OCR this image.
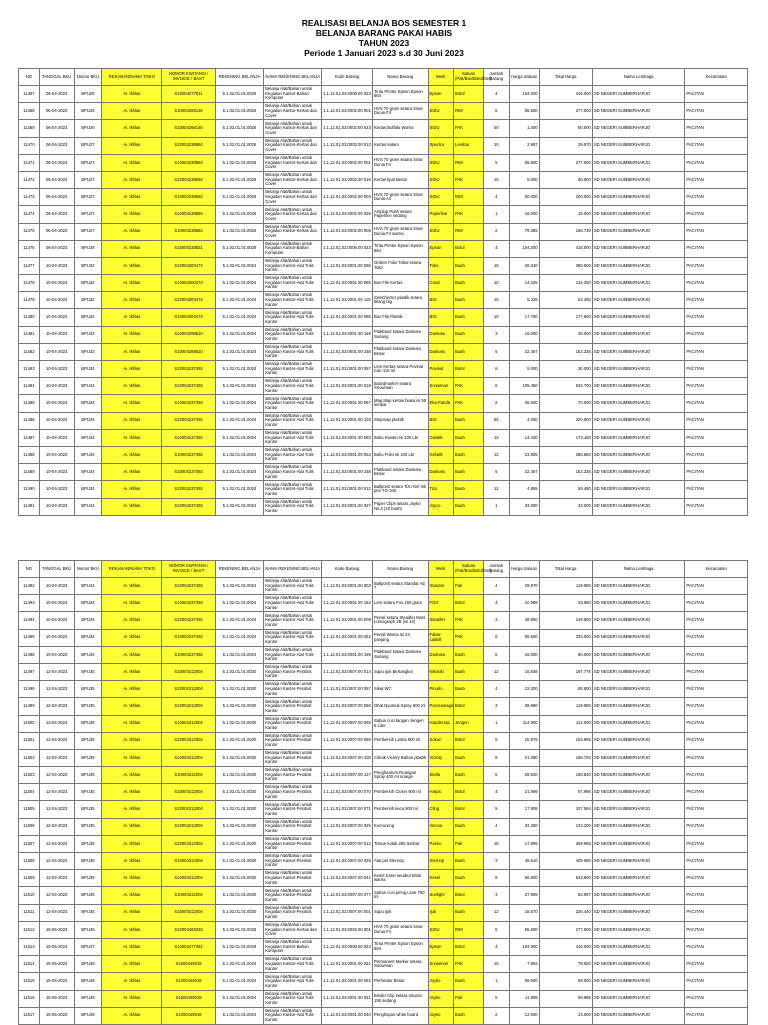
REALISASI BELANJA BOS SEMESTER 1
BELANJA BARANG PAKAI HABIS
TAHUN 2023
Periode 1 Januari 2023 s.d 30 Juni 2023
NO	TANGGAL BKU	Nomor BKU	REKANAN/NAMA TOKO	NOMOR KWITANSI / INVOICE / BAST	REKENING BELANJA	NAMA REKENING BELANJA	Kode Barang	Nama Barang	Merk	Satuan (Pak/Box/Botol/Set)	Jumlah Barang	Harga Satuan	Total Harga	Nama Lembaga	Kecamatan
11467	06-04-2023	BPU25	Ai. Ikhlas	S10004277811	5.1.02.01.01.0029	Belanja Alat/Bahan untuk Kegiatan Kantor-Bahan Komputer	1.1.12.01.03.0006.00 023	Tinta Printer Epson Epson 664	Epson	Botol	4	104.000	416.000	SD NEGERI SUMBERHARJO	PACITAN
11468	06-04-2023	BPU26	Ai. Ikhlas	S10004266146	5.1.02.01.01.0026	Belanja Alat/Bahan untuk Kegiatan Kantor-Kertas dan Cover	1.1.12.01.03.0002.00 001	HVS 70 gram setara Sinar Dunia F4	SIDU	RIM	5	55.500	277.500	SD NEGERI SUMBERHARJO	PACITAN
11469	06-04-2023	BPU26	Ai. Ikhlas	S10004266146	5.1.02.01.01.0026	Belanja Alat/Bahan untuk Kegiatan Kantor-Kertas dan Cover	1.1.12.01.03.0002.00 023	Kertas Buffalo Warna	SIDU	PAK	50	1.000	50.000	SD NEGERI SUMBERHARJO	PACITAN
11470	06-04-2023	BPU27	Ai. Ikhlas	S10004238684	5.1.02.01.01.0026	Belanja Alat/Bahan untuk Kegiatan Kantor-Kertas dan Cover	1.1.12.01.03.0002.00 013	Kertas sataro	Spectra	Lembar	10	2.997	29.970	SD NEGERI SUMBERHARJO	PACITAN
11471	06-04-2023	BPU27	Ai. Ikhlas	S10004238684	5.1.02.01.01.0026	Belanja Alat/Bahan untuk Kegiatan Kantor-Kertas dan Cover	1.1.12.01.03.0002.00 001	HVS 70 gram setara Sinar Dunia F4	SIDU	RIM	5	55.500	277.500	SD NEGERI SUMBERHARJO	PACITAN
11472	06-04-2023	BPU27	Ai. Ikhlas	S10004238684	5.1.02.01.01.0026	Belanja Alat/Bahan untuk Kegiatan Kantor-Kertas dan Cover	1.1.12.01.03.0002.00 016	Kertas lipat Besar	SIDU	PAK	10	6.000	60.000	SD NEGERI SUMBERHARJO	PACITAN
11473	06-04-2023	BPU27	Ai. Ikhlas	S10004238684	5.1.02.01.01.0026	Belanja Alat/Bahan untuk Kegiatan Kantor-Kertas dan Cover	1.1.12.01.03.0002.00 004	HVS 70 gram setara Sinar Dunia A4	SIDU	RIM	4	50.000	200.000	SD NEGERI SUMBERHARJO	PACITAN
11474	06-04-2023	BPU27	Ai. Ikhlas	S10004238684	5.1.02.01.01.0026	Belanja Alat/Bahan untuk Kegiatan Kantor-Kertas dan Cover	1.1.12.01.03.0002.00 028	Amplop Putih setara Paperline sedang	Paperline	PAK	1	18.000	18.000	SD NEGERI SUMBERHARJO	PACITAN
11475	06-04-2023	BPU27	Ai. Ikhlas	S10004238684	5.1.02.01.01.0026	Belanja Alat/Bahan untuk Kegiatan Kantor-Kertas dan Cover	1.1.12.01.03.0002.00 005	HVS 70 gram setara Sinar Dunia F4 warna	SIDU	RIM	2	79.365	158.730	SD NEGERI SUMBERHARJO	PACITAN
11476	06-04-2023	BPU28	Ai. Ikhlas	S10004238821	5.1.02.01.01.0029	Belanja Alat/Bahan untuk Kegiatan Kantor-Bahan Komputer	1.1.12.01.03.0006.00 023	Tinta Printer Epson Epson 664	Epson	Botol	4	104.000	416.000	SD NEGERI SUMBERHARJO	PACITAN
11477	10-04-2023	BPU32	Ai. Ikhlas	S10004300474	5.1.02.01.01.0024	Belanja Alat/Bahan untuk Kegiatan Kantor-Alat Tulis Kantor	1.1.12.01.03.0001.00 086	Ordner Folio Tebal setara Toko	Toko	Buah	15	26.040	390.600	SD NEGERI SUMBERHARJO	PACITAN
11478	10-04-2023	BPU32	Ai. Ikhlas	S10004300474	5.1.02.01.01.0024	Belanja Alat/Bahan untuk Kegiatan Kantor-Alat Tulis Kantor	1.1.12.01.03.0001.00 085	Box File Kertas	Coral	Buah	10	13.425	134.250	SD NEGERI SUMBERHARJO	PACITAN
11479	10-04-2023	BPU32	Ai. Ikhlas	S10004300474	5.1.02.01.01.0024	Belanja Alat/Bahan untuk Kegiatan Kantor-Alat Tulis Kantor	1.1.12.01.03.0001.00 115	Snelchecter plastik setara bilang big	BIG	Buah	10	5.325	53.250	SD NEGERI SUMBERHARJO	PACITAN
11480	10-04-2023	BPU32	Ai. Ikhlas	S10004300474	5.1.02.01.01.0024	Belanja Alat/Bahan untuk Kegiatan Kantor-Alat Tulis Kantor	1.1.12.01.03.0001.00 086	Box File Plastik	BIG	Buah	10	17.760	177.600	SD NEGERI SUMBERHARJO	PACITAN
11481	10-04-2023	BPU33	Ai. Ikhlas	S10004298510	5.1.02.01.01.0024	Belanja Alat/Bahan untuk Kegiatan Kantor-Alat Tulis Kantor	1.1.12.01.03.0001.00 159	Plakband setara Daimaru Sedang	Daimaru	Buah	3	16.000	48.000	SD NEGERI SUMBERHARJO	PACITAN
11482	10-04-2023	BPU33	Ai. Ikhlas	S10004298510	5.1.02.01.01.0024	Belanja Alat/Bahan untuk Kegiatan Kantor-Alat Tulis Kantor	1.1.12.01.03.0001.00 158	Plakband setara Daimaru Besar	Daimaru	Buah	5	32.467	162.335	SD NEGERI SUMBERHARJO	PACITAN
11483	10-04-2023	BPU34	Ai. Ikhlas	S10004237492	5.1.02.01.01.0024	Belanja Alat/Bahan untuk Kegiatan Kantor-Alat Tulis Kantor	1.1.12.01.03.0001.00 057	Lem Kertas setara Povinal Cair 115 ml	Povinal	Botol	6	5.000	30.000	SD NEGERI SUMBERHARJO	PACITAN
11484	10-04-2023	BPU34	Ai. Ikhlas	S10004237492	5.1.02.01.01.0024	Belanja Alat/Bahan untuk Kegiatan Kantor-Alat Tulis Kantor	1.1.12.01.03.0001.00 018	Boardmarker setara Snowman	Snowman	PAK	6	105.450	632.700	SD NEGERI SUMBERHARJO	PACITAN
11485	10-04-2023	BPU34	Ai. Ikhlas	S10004237492	5.1.02.01.01.0024	Belanja Alat/Bahan untuk Kegiatan Kantor-Alat Tulis Kantor	1.1.12.01.03.0001.00 067	Map Map kertas biasa isi 50 lembar	Eka Panda	PAK	2	35.000	70.000	SD NEGERI SUMBERHARJO	PACITAN
11486	10-04-2023	BPU34	Ai. Ikhlas	S10004237492	5.1.02.01.01.0024	Belanja Alat/Bahan untuk Kegiatan Kantor-Alat Tulis Kantor	1.1.12.01.03.0001.00 103	Stopmap plastik	BIG	Buah	80	4.000	320.000	SD NEGERI SUMBERHARJO	PACITAN
11487	10-04-2023	BPU34	Ai. Ikhlas	S10004237492	5.1.02.01.01.0024	Belanja Alat/Bahan untuk Kegiatan Kantor-Alat Tulis Kantor	1.1.12.01.03.0001.00 083	Buku Kwarto Isi 100 Lbr	Gelatik	Buah	12	14.430	173.160	SD NEGERI SUMBERHARJO	PACITAN
11488	10-04-2023	BPU34	Ai. Ikhlas	S10004237492	5.1.02.01.01.0024	Belanja Alat/Bahan untuk Kegiatan Kantor-Alat Tulis Kantor	1.1.12.01.03.0001.00 053	Buku Folio Isi 100 Lbr	Gelatik	Buah	12	23.905	286.860	SD NEGERI SUMBERHARJO	PACITAN
11489	10-04-2023	BPU34	Ai. Ikhlas	S10004237492	5.1.02.01.01.0024	Belanja Alat/Bahan untuk Kegiatan Kantor-Alat Tulis Kantor	1.1.12.01.03.0001.00 158	Plakband setara Daimaru Besar	Daimaru	Buah	5	32.467	162.335	SD NEGERI SUMBERHARJO	PACITAN
11490	10-04-2023	BPU34	Ai. Ikhlas	S10004237492	5.1.02.01.01.0024	Belanja Alat/Bahan untuk Kegiatan Kantor-Alat Tulis Kantor	1.1.12.01.03.0001.00 012	Ballpoint setara Tizo Gel Ink pen TG-340	Tizo	Buah	12	4.955	59.460	SD NEGERI SUMBERHARJO	PACITAN
11491	10-04-2023	BPU34	Ai. Ikhlas	S10004237492	5.1.02.01.01.0024	Belanja Alat/Bahan untuk Kegiatan Kantor-Alat Tulis Kantor	1.1.12.01.03.0001.00 027	Paper Clips setara Joyko No.3 (10 buah)	Joyco	Buah	1	33.000	33.000	SD NEGERI SUMBERHARJO	PACITAN
NO	TANGGAL BKU	Nomor BKU	REKANAN/NAMA TOKO	NOMOR KWITANSI / INVOICE / BAST	REKENING BELANJA	NAMA REKENING BELANJA	Kode Barang	Nama Barang	Merk	Satuan (Pak/Box/Botol/Set)	Jumlah Barang	Harga Satuan	Total Harga	Nama Lembaga	Kecamatan
11492	10-04-2023	BPU34	Ai. Ikhlas	S10004237492	5.1.02.01.01.0024	Belanja Alat/Bahan untuk Kegiatan Kantor-Alat Tulis Kantor	1.1.12.01.03.0001.00 003	Ballpoint setara Standar AE 7	Standar	Pak	4	29.970	119.880	SD NEGERI SUMBERHARJO	PACITAN
11493	10-04-2023	BPU34	Ai. Ikhlas	S10004237492	5.1.02.01.01.0024	Belanja Alat/Bahan untuk Kegiatan Kantor-Alat Tulis Kantor	1.1.12.01.03.0001.00 152	Lem setara Fox 150 gram	FOX	Botol	4	10.988	43.950	SD NEGERI SUMBERHARJO	PACITAN
11494	10-04-2023	BPU34	Ai. Ikhlas	S10004237492	5.1.02.01.01.0024	Belanja Alat/Bahan untuk Kegiatan Kantor-Alat Tulis Kantor	1.1.12.01.03.0001.00 009	Pensil setara Steadler Mars Lumograph 2B (isi 12)	Steadler	PAK	3	49.950	149.850	SD NEGERI SUMBERHARJO	PACITAN
11495	10-04-2023	BPU34	Ai. Ikhlas	S10004237492	5.1.02.01.01.0024	Belanja Alat/Bahan untuk Kegiatan Kantor-Alat Tulis Kantor	1.1.12.01.03.0001.00 252	Pensil Warna isi 24, panjang	Faber-castell	PAK	6	55.500	333.000	SD NEGERI SUMBERHARJO	PACITAN
11496	10-04-2023	BPU34	Ai. Ikhlas	S10004237492	5.1.02.01.01.0024	Belanja Alat/Bahan untuk Kegiatan Kantor-Alat Tulis Kantor	1.1.12.01.03.0001.00 159	Plakband setara Daimaru Sedang	Daimaru	Buah	5	16.000	80.000	SD NEGERI SUMBERHARJO	PACITAN
11497	12-04-2023	BPU35	Ai. Ikhlas	S10004312004	5.1.02.01.01.0030	Belanja Alat/Bahan untuk Kegiatan Kantor-Perabot Kantor	1.1.12.01.03.0007.00 014	Sapu Ijuk Bertangkai	Nikmah	Buah	12	15.648	187.776	SD NEGERI SUMBERHARJO	PACITAN
11498	12-04-2023	BPU35	Ai. Ikhlas	S10004312004	5.1.02.01.01.0030	Belanja Alat/Bahan untuk Kegiatan Kantor-Perabot Kantor	1.1.12.01.03.0007.00 057	Sikat WC	Pinodo	Buah	4	22.200	88.800	SD NEGERI SUMBERHARJO	PACITAN
11499	12-04-2023	BPU35	Ai. Ikhlas	S10004312004	5.1.02.01.01.0030	Belanja Alat/Bahan untuk Kegiatan Kantor-Perabot Kantor	1.1.12.01.03.0007.00 066	Obat Nyamuk Spray 600 ml	Perceamagic	Botol	3	39.960	119.880	SD NEGERI SUMBERHARJO	PACITAN
11500	12-04-2023	BPU35	Ai. Ikhlas	S10004312004	5.1.02.01.01.0030	Belanja Alat/Bahan untuk Kegiatan Kantor-Perabot Kantor	1.1.12.01.03.0007.00 055	Sabun cuci tangan Jerigen 5 Liter	Handscrap	Jerigen	1	114.000	114.000	SD NEGERI SUMBERHARJO	PACITAN
11501	12-04-2023	BPU35	Ai. Ikhlas	S10004312004	5.1.02.01.01.0030	Belanja Alat/Bahan untuk Kegiatan Kantor-Perabot Kantor	1.1.12.01.03.0007.00 068	Pembersih Lantai 900 ml	Sokan	Botol	5	20.979	104.895	SD NEGERI SUMBERHARJO	PACITAN
11502	12-04-2023	BPU35	Ai. Ikhlas	S10004312004	5.1.02.01.01.0030	Belanja Alat/Bahan untuk Kegiatan Kantor-Perabot Kantor	1.1.12.01.03.0007.00 100	Cikrak Victory Bahan plastik	Victory	Buah	8	21.090	168.720	SD NEGERI SUMBERHARJO	PACITAN
11503	12-04-2023	BPU35	Ai. Ikhlas	S10004312004	5.1.02.01.01.0030	Belanja Alat/Bahan untuk Kegiatan Kantor-Perabot Kantor	1.1.12.01.03.0007.00 127	Penghaarum Ruangan Spray 400 ml orange	Stella	Buah	6	26.640	159.840	SD NEGERI SUMBERHARJO	PACITAN
11504	12-04-2023	BPU35	Ai. Ikhlas	S10004312004	5.1.02.01.01.0030	Belanja Alat/Bahan untuk Kegiatan Kantor-Perabot Kantor	1.1.12.01.03.0007.00 070	Pembersih Closet 900 ml	Harpic	Botol	4	21.999	87.996	SD NEGERI SUMBERHARJO	PACITAN
11505	12-04-2023	BPU35	Ai. Ikhlas	S10004312004	5.1.02.01.01.0030	Belanja Alat/Bahan untuk Kegiatan Kantor-Perabot Kantor	1.1.12.01.03.0007.00 071	Pembersih kaca 500 ml	Cling	Botol	5	17.908	107.584	SD NEGERI SUMBERHARJO	PACITAN
11506	12-04-2023	BPU35	Ai. Ikhlas	S10004312004	5.1.02.01.01.0030	Belanja Alat/Bahan untuk Kegiatan Kantor-Perabot Kantor	1.1.12.01.03.0007.00 025	Kemoceng	Innova	Buah	4	33.300	133.200	SD NEGERI SUMBERHARJO	PACITAN
11507	12-04-2023	BPU35	Ai. Ikhlas	S10004312004	5.1.02.01.01.0030	Belanja Alat/Bahan untuk Kegiatan Kantor-Perabot Kantor	1.1.12.01.03.0007.00 012	Tissue kotak 250 lembar	Paseo	Pak	15	17.999	269.985	SD NEGERI SUMBERHARJO	PACITAN
11508	12-04-2023	BPU35	Ai. Ikhlas	S10004312004	5.1.02.01.01.0030	Belanja Alat/Bahan untuk Kegiatan Kantor-Perabot Kantor	1.1.12.01.03.0007.00 025	Alat pel Sternop	Sternop	Buah	3	45.510	409.590	SD NEGERI SUMBERHARJO	PACITAN
11509	12-04-2023	BPU35	Ai. Ikhlas	S10004312004	5.1.02.01.01.0030	Belanja Alat/Bahan untuk Kegiatan Kantor-Perabot Kantor	1.1.12.01.03.0007.00 041	Kesel Karet serabut tebal warna	Kesel	Buah	8	66.600	532.800	SD NEGERI SUMBERHARJO	PACITAN
11510	12-04-2023	BPU35	Ai. Ikhlas	S10004312004	5.1.02.01.01.0030	Belanja Alat/Bahan untuk Kegiatan Kantor-Perabot Kantor	1.1.12.01.03.0007.00 077	Sabun cuci piring Lime 750 ml	Sunlight	Botol	3	27.999	83.997	SD NEGERI SUMBERHARJO	PACITAN
11511	12-04-2023	BPU35	Ai. Ikhlas	S10004312004	5.1.02.01.01.0030	Belanja Alat/Bahan untuk Kegiatan Kantor-Perabot Kantor	1.1.12.01.03.0007.00 001	Sapu Ijuk	Ijuk	Buah	12	18.870	226.440	SD NEGERI SUMBERHARJO	PACITAN
11512	15-05-2023	BPU45	Ai. Ikhlas	S10004469333	5.1.02.01.01.0026	Belanja Alat/Bahan untuk Kegiatan Kantor-Kertas dan Cover	1.1.12.01.03.0002.00 001	HVS 70 gram setara Sinar Dunia F4	SIDU	RIM	5	55.500	277.500	SD NEGERI SUMBERHARJO	PACITAN
11513	15-05-2023	BPU47	Ai. Ikhlas	S10004477481	5.1.02.01.01.0029	Belanja Alat/Bahan untuk Kegiatan Kantor-Bahan Komputer	1.1.12.01.03.0006.00 023	Tinta Printer Epson Epson 664	Epson	Botol	4	104.000	416.000	SD NEGERI SUMBERHARJO	PACITAN
11514	15-05-2023	BPU48	Ai. Ikhlas	S1000449018	5.1.02.01.01.0024	Belanja Alat/Bahan untuk Kegiatan Kantor-Alat Tulis Kantor	1.1.12.01.03.0001.00 021	Permanent Marker setara Snowman	Snowman	PAK	10	7.992	79.920	SD NEGERI SUMBERHARJO	PACITAN
11515	15-05-2023	BPU48	Ai. Ikhlas	S1000449018	5.1.02.01.01.0024	Belanja Alat/Bahan untuk Kegiatan Kantor-Alat Tulis Kantor	1.1.12.01.03.0001.00 052	Perforator Besar	Joyko	Buah	1	69.000	69.000	SD NEGERI SUMBERHARJO	PACITAN
11516	15-05-2023	BPU48	Ai. Ikhlas	S1000449018	5.1.02.01.01.0024	Belanja Alat/Bahan untuk Kegiatan Kantor-Alat Tulis Kantor	1.1.12.01.03.0001.00 031	Binder Clip setara Ukuran 155 sedang	Joyko	Pak	5	11.999	59.995	SD NEGERI SUMBERHARJO	PACITAN
11517	15-05-2023	BPU48	Ai. Ikhlas	S1000449018	5.1.02.01.01.0024	Belanja Alat/Bahan untuk Kegiatan Kantor-Alat Tulis Kantor	1.1.12.01.03.0001.00 040	Penghapus white board	Joyko	Buah	2	12.000	24.000	SD NEGERI SUMBERHARJO	PACITAN
